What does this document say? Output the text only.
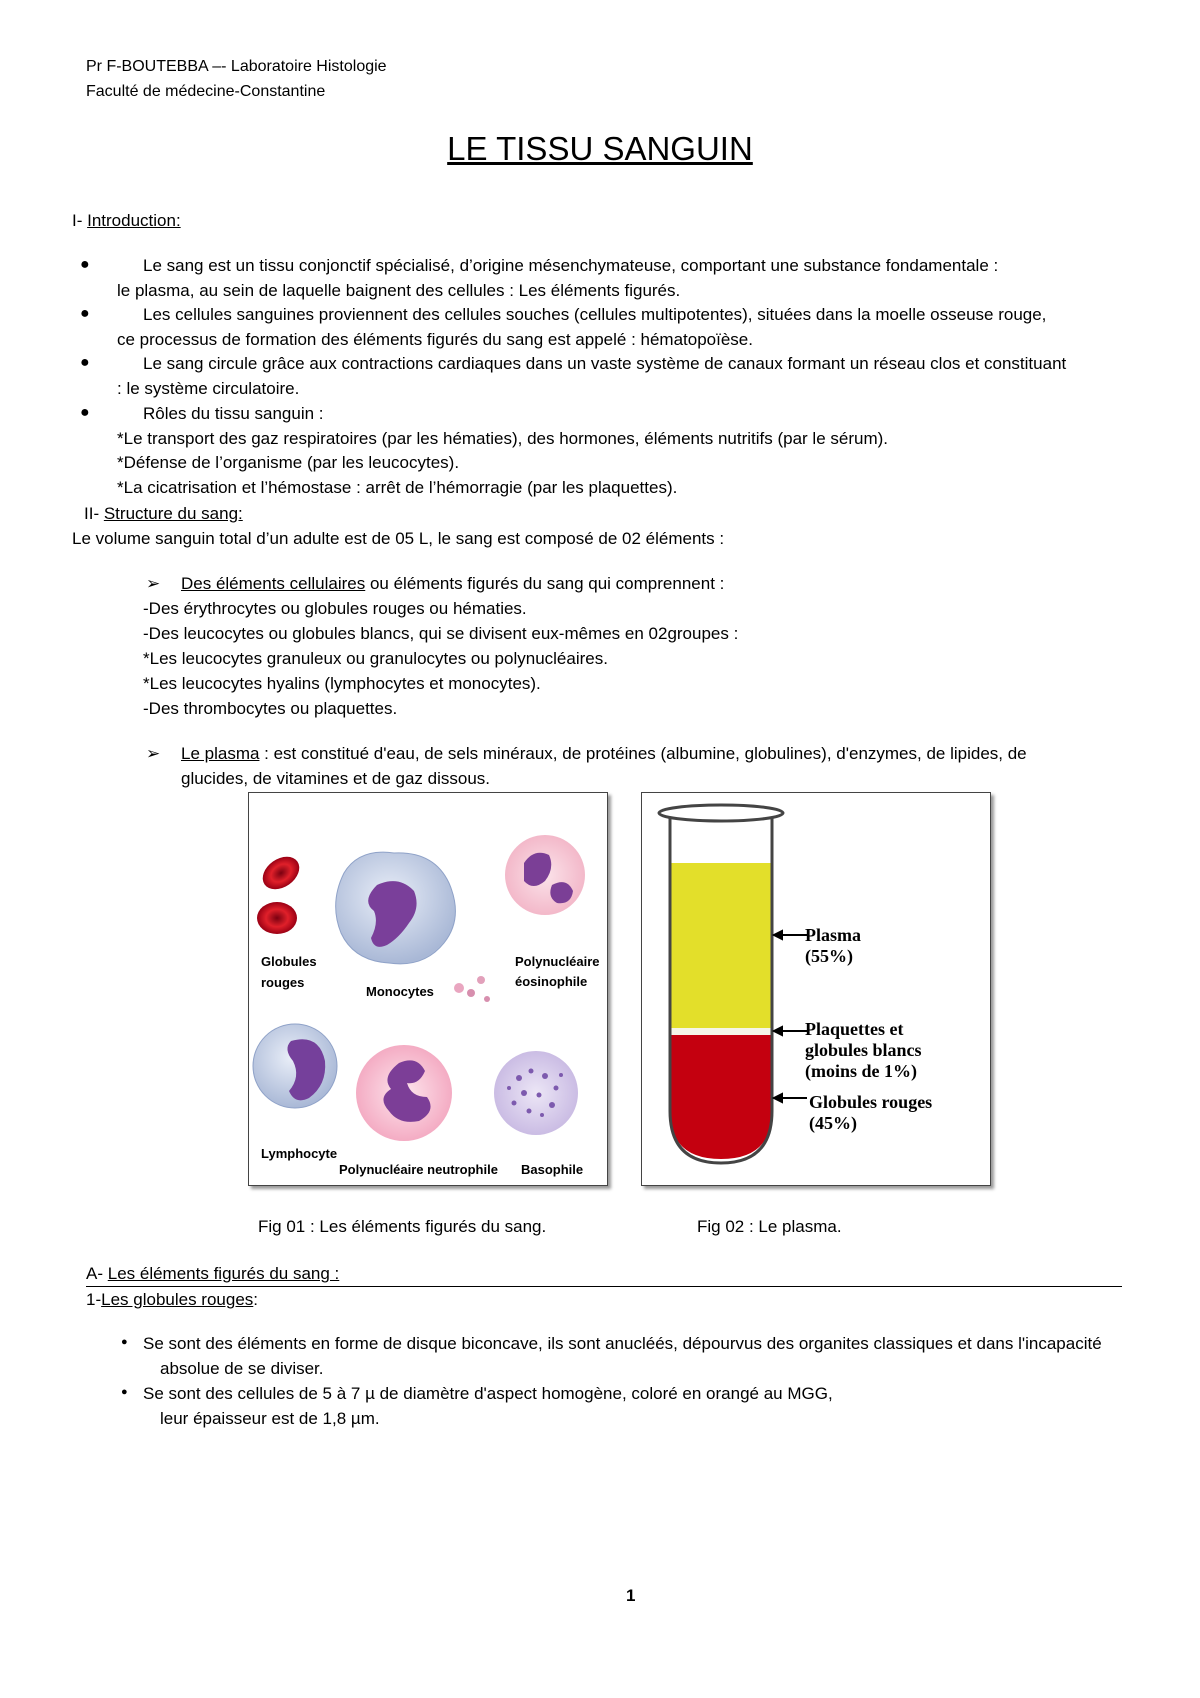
Pr F-BOUTEBBA –- Laboratoire Histologie
Faculté de médecine-Constantine
LE TISSU SANGUIN
I- Introduction:
●	Le sang est un tissu conjonctif spécialisé, d’origine mésenchymateuse, comportant une substance fondamentale :
le plasma, au sein de laquelle baignent des cellules : Les éléments figurés.
●	Les cellules sanguines proviennent des cellules souches (cellules multipotentes), situées dans la moelle osseuse rouge,
ce processus de formation des éléments figurés du sang est appelé : hématopoïèse.
●	Le sang circule grâce aux contractions cardiaques dans un vaste système de canaux formant un réseau clos et constituant
: le système circulatoire.
●	Rôles du tissu sanguin :
*Le transport des gaz respiratoires (par les hématies), des hormones, éléments nutritifs (par le sérum).
*Défense de l’organisme (par les leucocytes).
*La cicatrisation et l’hémostase : arrêt de l’hémorragie (par les plaquettes).
II- Structure du sang:
Le volume sanguin total d’un adulte est de 05 L, le sang est composé de 02 éléments :
➢ Des éléments cellulaires ou éléments figurés du sang qui comprennent :
-Des érythrocytes ou globules rouges ou hématies.
-Des leucocytes ou globules blancs, qui se divisent eux-mêmes en 02groupes :
*Les leucocytes granuleux ou granulocytes ou polynucléaires.
*Les leucocytes hyalins (lymphocytes et monocytes).
-Des thrombocytes ou plaquettes.
➢ Le plasma : est constitué d'eau, de sels minéraux, de protéines (albumine, globulines), d'enzymes, de lipides, de
glucides, de vitamines et de gaz dissous.
Globules
rouges
Monocytes
Polynucléaire
éosinophile
Lymphocyte
Polynucléaire neutrophile Basophile
Plasma
(55%)
Plaquettes et
globules blancs
(moins de 1%)
Globules rouges
(45%)
Fig 01 : Les éléments figurés du sang.	Fig 02 : Le plasma.
A- Les éléments figurés du sang :
1-Les globules rouges:
● Se sont des éléments en forme de disque biconcave, ils sont anucléés, dépourvus des organites classiques et dans l'incapacité
absolue de se diviser.
● Se sont des cellules de 5 à 7 µ de diamètre d'aspect homogène, coloré en orangé au MGG,
leur épaisseur est de 1,8 µm.
1
